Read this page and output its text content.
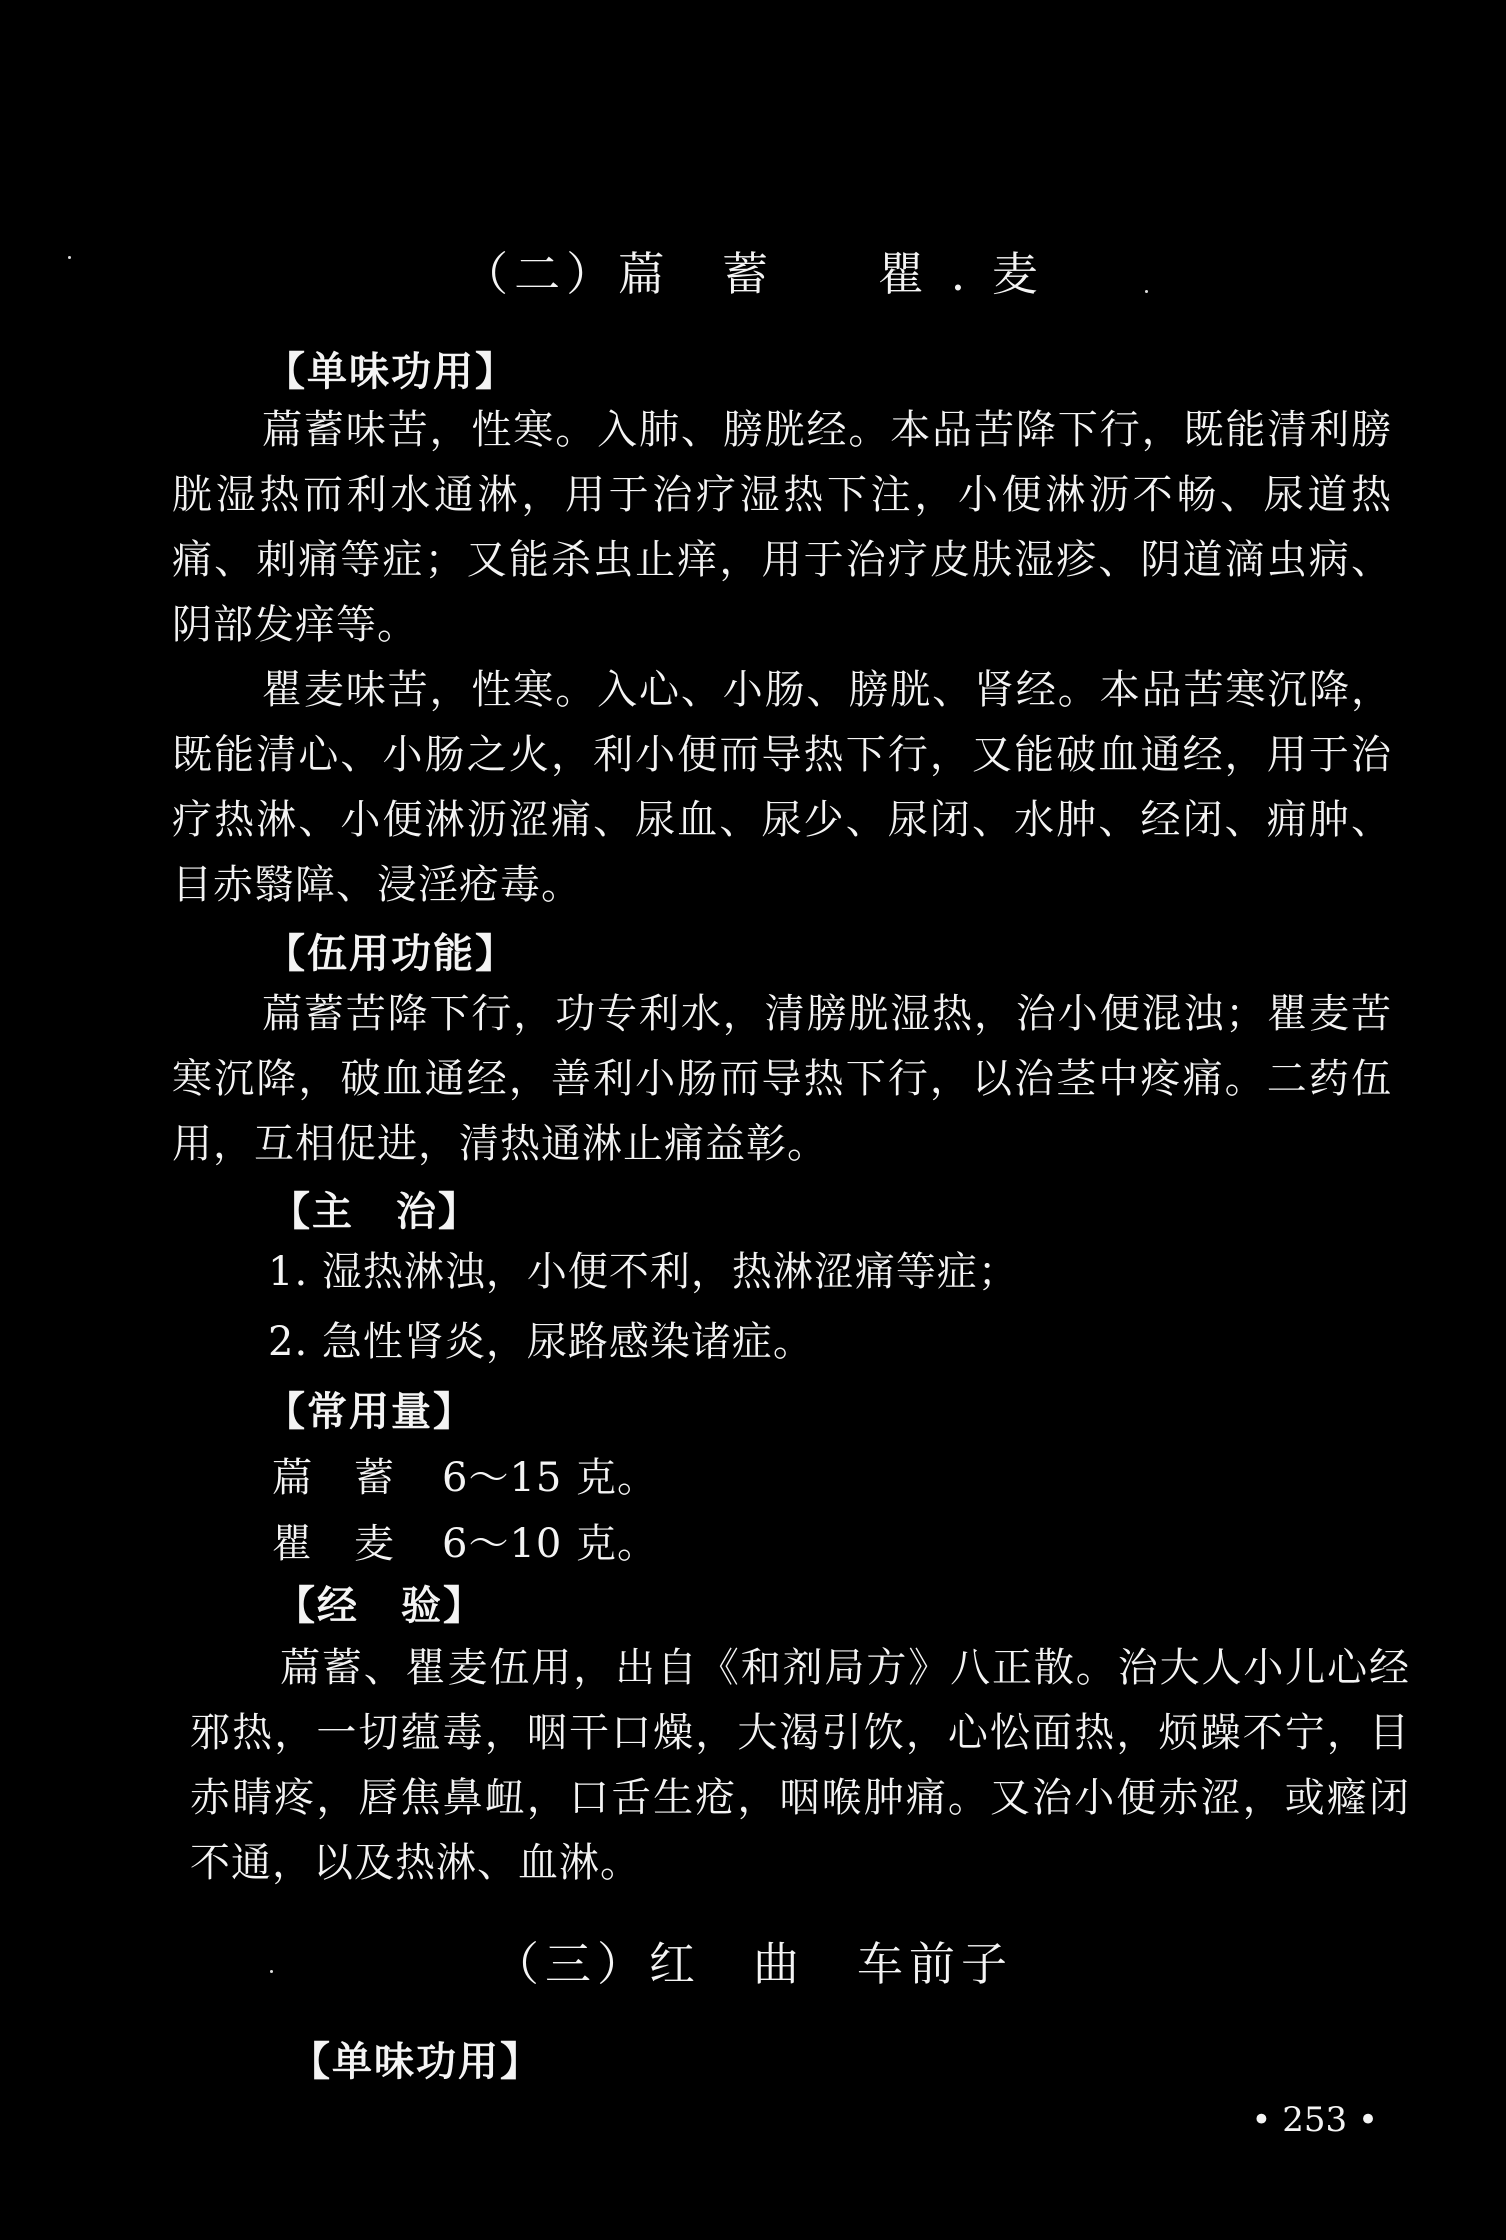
（二）萹　蓄　　瞿 . 麦
【单味功用】

萹蓄味苦，性寒。入肺、膀胱经。本品苦降下行，既能清利膀胱湿热而利水通淋，用于治疗湿热下注，小便淋沥不畅、尿道热痛、刺痛等症；又能杀虫止痒，用于治疗皮肤湿疹、阴道滴虫病、阴部发痒等。

瞿麦味苦，性寒。入心、小肠、膀胱、肾经。本品苦寒沉降，既能清心、小肠之火，利小便而导热下行，又能破血通经，用于治疗热淋、小便淋沥涩痛、尿血、尿少、尿闭、水肿、经闭、痈肿、目赤翳障、浸淫疮毒。

【伍用功能】

萹蓄苦降下行，功专利水，清膀胱湿热，治小便混浊；瞿麦苦寒沉降，破血通经，善利小肠而导热下行，以治茎中疼痛。二药伍用，互相促进，清热通淋止痛益彰。

【主　治】
1. 湿热淋浊，小便不利，热淋涩痛等症；
2. 急性肾炎，尿路感染诸症。
【常用量】
萹蓄 6～15 克。
瞿麦 6～10 克。
【经　验】

萹蓄、瞿麦伍用，出自《和剂局方》八正散。治大人小儿心经邪热，一切蕴毒，咽干口燥，大渴引饮，心忪面热，烦躁不宁，目赤睛疼，唇焦鼻衄，口舌生疮，咽喉肿痛。又治小便赤涩，或癃闭不通，以及热淋、血淋。

（三）红　曲　车前子
【单味功用】
• 253 •
